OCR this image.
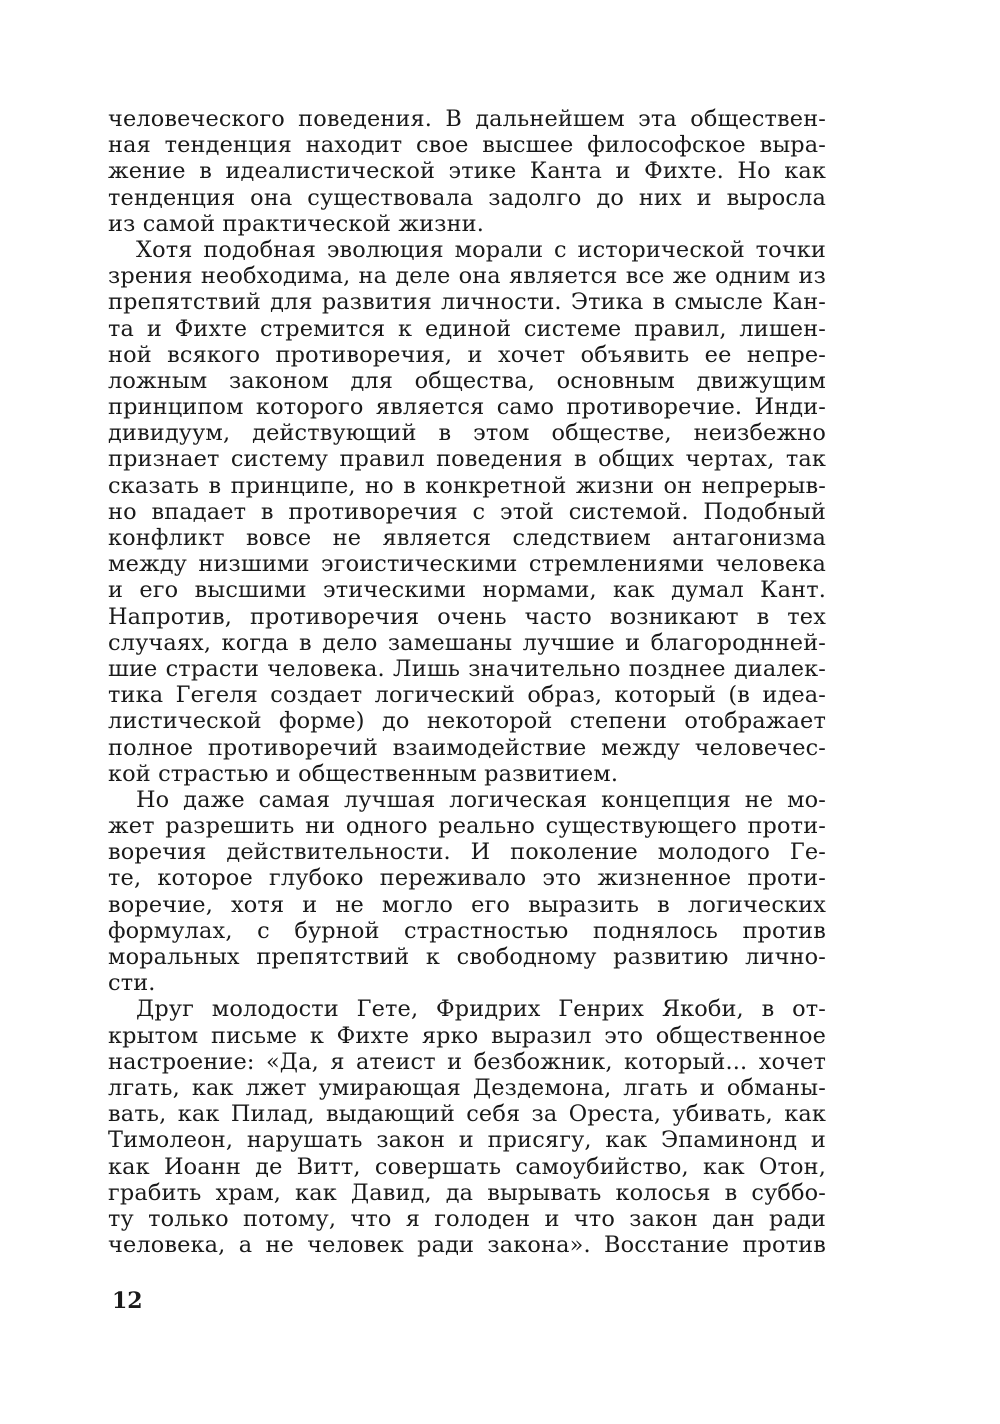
человеческого поведения. В дальнейшем эта обществен-
ная тенденция находит свое высшее философское выра-
жение в идеалистической этике Канта и Фихте. Но как
тенденция она существовала задолго до них и выросла
из самой практической жизни.
Хотя подобная эволюция морали с исторической точки
зрения необходима, на деле она является все же одним из
препятствий для развития личности. Этика в смысле Кан-
та и Фихте стремится к единой системе правил, лишен-
ной всякого противоречия, и хочет объявить ее непре-
ложным законом для общества, основным движущим
принципом которого является само противоречие. Инди-
дивидуум, действующий в этом обществе, неизбежно
признает систему правил поведения в общих чертах, так
сказать в принципе, но в конкретной жизни он непрерыв-
но впадает в противоречия с этой системой. Подобный
конфликт вовсе не является следствием антагонизма
между низшими эгоистическими стремлениями человека
и его высшими этическими нормами, как думал Кант.
Напротив, противоречия очень часто возникают в тех
случаях, когда в дело замешаны лучшие и благороднней-
шие страсти человека. Лишь значительно позднее диалек-
тика Гегеля создает логический образ, который (в идеа-
листической форме) до некоторой степени отображает
полное противоречий взаимодействие между человечес-
кой страстью и общественным развитием.
Но даже самая лучшая логическая концепция не мо-
жет разрешить ни одного реально существующего проти-
воречия действительности. И поколение молодого Ге-
те, которое глубоко переживало это жизненное проти-
воречие, хотя и не могло его выразить в логических
формулах, с бурной страстностью поднялось против
моральных препятствий к свободному развитию лично-
сти.
Друг молодости Гете, Фридрих Генрих Якоби, в от-
крытом письме к Фихте ярко выразил это общественное
настроение: «Да, я атеист и безбожник, который... хочет
лгать, как лжет умирающая Дездемона, лгать и обманы-
вать, как Пилад, выдающий себя за Ореста, убивать, как
Тимолеон, нарушать закон и присягу, как Эпаминонд и
как Иоанн де Витт, совершать самоубийство, как Отон,
грабить храм, как Давид, да вырывать колосья в суббо-
ту только потому, что я голоден и что закон дан ради
человека, а не человек ради закона». Восстание против
12
